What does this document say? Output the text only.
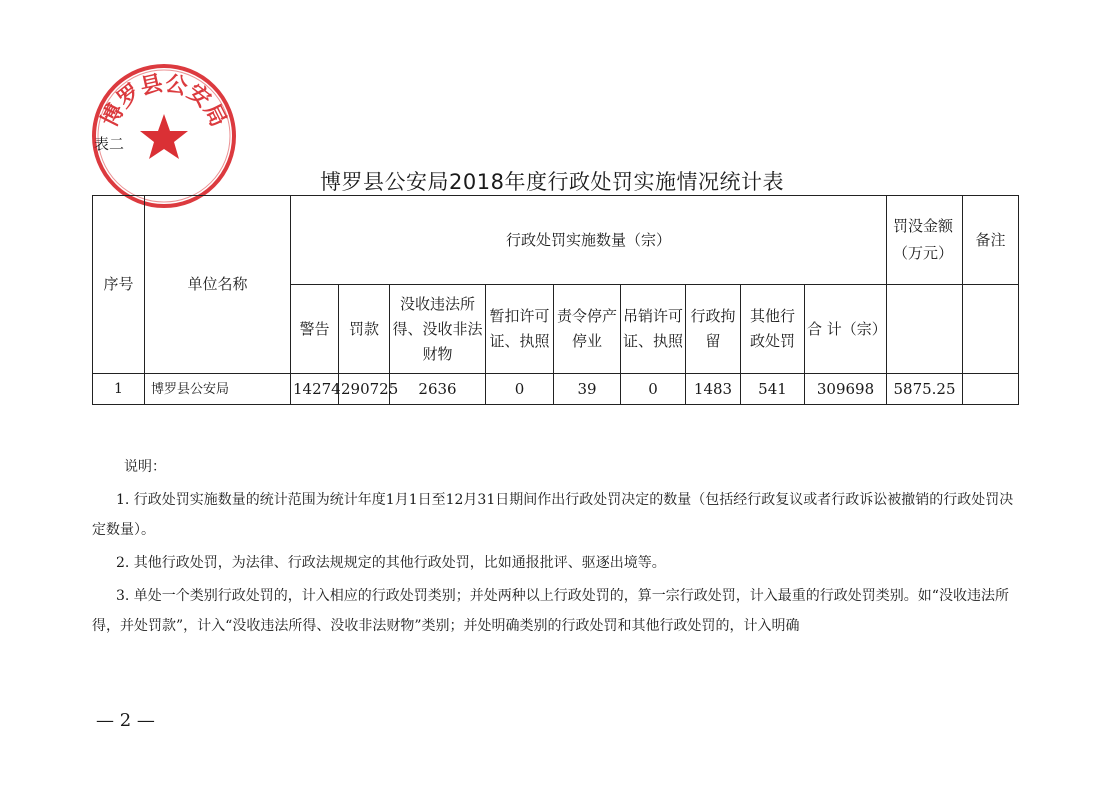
博罗县公安局
表二
博罗县公安局2018年度行政处罚实施情况统计表
序号	单位名称	行政处罚实施数量（宗）									罚没金额（万元）	备注
		警告	罚款	没收违法所得、没收非法财物	暂扣许可证、执照	责令停产停业	吊销许可证、执照	行政拘留	其他行政处罚	合 计（宗）		
1	博罗县公安局	14274	290725	2636	0	39	0	1483	541	309698	5875.25	
说明：
1. 行政处罚实施数量的统计范围为统计年度1月1日至12月31日期间作出行政处罚决定的数量（包括经行政复议或者行政诉讼被撤销的行政处罚决定数量）。
2. 其他行政处罚，为法律、行政法规规定的其他行政处罚，比如通报批评、驱逐出境等。
3. 单处一个类别行政处罚的，计入相应的行政处罚类别；并处两种以上行政处罚的，算一宗行政处罚，计入最重的行政处罚类别。如“没收违法所得，并处罚款”，计入“没收违法所得、没收非法财物”类别；并处明确类别的行政处罚和其他行政处罚的，计入明确
— 2 —
